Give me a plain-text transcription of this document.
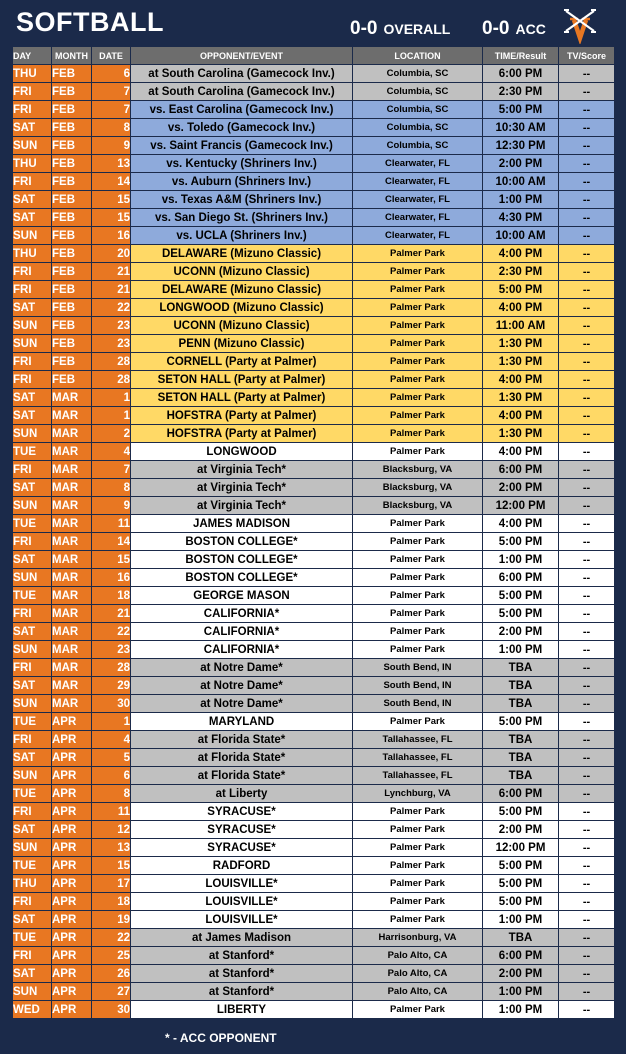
SOFTBALL	0-0 OVERALL 0-0 ACC
DAY	MONTH	DATE	OPPONENT/EVENT	LOCATION	TIME/Result	TV/Score
THU	FEB	6	at South Carolina (Gamecock Inv.)	Columbia, SC	6:00 PM	--
FRI	FEB	7	at South Carolina (Gamecock Inv.)	Columbia, SC	2:30 PM	--
FRI	FEB	7	vs. East Carolina (Gamecock Inv.)	Columbia, SC	5:00 PM	--
SAT	FEB	8	vs. Toledo (Gamecock Inv.)	Columbia, SC	10:30 AM	--
SUN	FEB	9	vs. Saint Francis (Gamecock Inv.)	Columbia, SC	12:30 PM	--
THU	FEB	13	vs. Kentucky (Shriners Inv.)	Clearwater, FL	2:00 PM	--
FRI	FEB	14	vs. Auburn (Shriners Inv.)	Clearwater, FL	10:00 AM	--
SAT	FEB	15	vs. Texas A&M (Shriners Inv.)	Clearwater, FL	1:00 PM	--
SAT	FEB	15	vs. San Diego St. (Shriners Inv.)	Clearwater, FL	4:30 PM	--
SUN	FEB	16	vs. UCLA (Shriners Inv.)	Clearwater, FL	10:00 AM	--
THU	FEB	20	DELAWARE (Mizuno Classic)	Palmer Park	4:00 PM	--
FRI	FEB	21	UCONN (Mizuno Classic)	Palmer Park	2:30 PM	--
FRI	FEB	21	DELAWARE (Mizuno Classic)	Palmer Park	5:00 PM	--
SAT	FEB	22	LONGWOOD (Mizuno Classic)	Palmer Park	4:00 PM	--
SUN	FEB	23	UCONN (Mizuno Classic)	Palmer Park	11:00 AM	--
SUN	FEB	23	PENN (Mizuno Classic)	Palmer Park	1:30 PM	--
FRI	FEB	28	CORNELL (Party at Palmer)	Palmer Park	1:30 PM	--
FRI	FEB	28	SETON HALL (Party at Palmer)	Palmer Park	4:00 PM	--
SAT	MAR	1	SETON HALL (Party at Palmer)	Palmer Park	1:30 PM	--
SAT	MAR	1	HOFSTRA (Party at Palmer)	Palmer Park	4:00 PM	--
SUN	MAR	2	HOFSTRA (Party at Palmer)	Palmer Park	1:30 PM	--
TUE	MAR	4	LONGWOOD	Palmer Park	4:00 PM	--
FRI	MAR	7	at Virginia Tech*	Blacksburg, VA	6:00 PM	--
SAT	MAR	8	at Virginia Tech*	Blacksburg, VA	2:00 PM	--
SUN	MAR	9	at Virginia Tech*	Blacksburg, VA	12:00 PM	--
TUE	MAR	11	JAMES MADISON	Palmer Park	4:00 PM	--
FRI	MAR	14	BOSTON COLLEGE*	Palmer Park	5:00 PM	--
SAT	MAR	15	BOSTON COLLEGE*	Palmer Park	1:00 PM	--
SUN	MAR	16	BOSTON COLLEGE*	Palmer Park	6:00 PM	--
TUE	MAR	18	GEORGE MASON	Palmer Park	5:00 PM	--
FRI	MAR	21	CALIFORNIA*	Palmer Park	5:00 PM	--
SAT	MAR	22	CALIFORNIA*	Palmer Park	2:00 PM	--
SUN	MAR	23	CALIFORNIA*	Palmer Park	1:00 PM	--
FRI	MAR	28	at Notre Dame*	South Bend, IN	TBA	--
SAT	MAR	29	at Notre Dame*	South Bend, IN	TBA	--
SUN	MAR	30	at Notre Dame*	South Bend, IN	TBA	--
TUE	APR	1	MARYLAND	Palmer Park	5:00 PM	--
FRI	APR	4	at Florida State*	Tallahassee, FL	TBA	--
SAT	APR	5	at Florida State*	Tallahassee, FL	TBA	--
SUN	APR	6	at Florida State*	Tallahassee, FL	TBA	--
TUE	APR	8	at Liberty	Lynchburg, VA	6:00 PM	--
FRI	APR	11	SYRACUSE*	Palmer Park	5:00 PM	--
SAT	APR	12	SYRACUSE*	Palmer Park	2:00 PM	--
SUN	APR	13	SYRACUSE*	Palmer Park	12:00 PM	--
TUE	APR	15	RADFORD	Palmer Park	5:00 PM	--
THU	APR	17	LOUISVILLE*	Palmer Park	5:00 PM	--
FRI	APR	18	LOUISVILLE*	Palmer Park	5:00 PM	--
SAT	APR	19	LOUISVILLE*	Palmer Park	1:00 PM	--
TUE	APR	22	at James Madison	Harrisonburg, VA	TBA	--
FRI	APR	25	at Stanford*	Palo Alto, CA	6:00 PM	--
SAT	APR	26	at Stanford*	Palo Alto, CA	2:00 PM	--
SUN	APR	27	at Stanford*	Palo Alto, CA	1:00 PM	--
WED	APR	30	LIBERTY	Palmer Park	1:00 PM	--
* - ACC OPPONENT
